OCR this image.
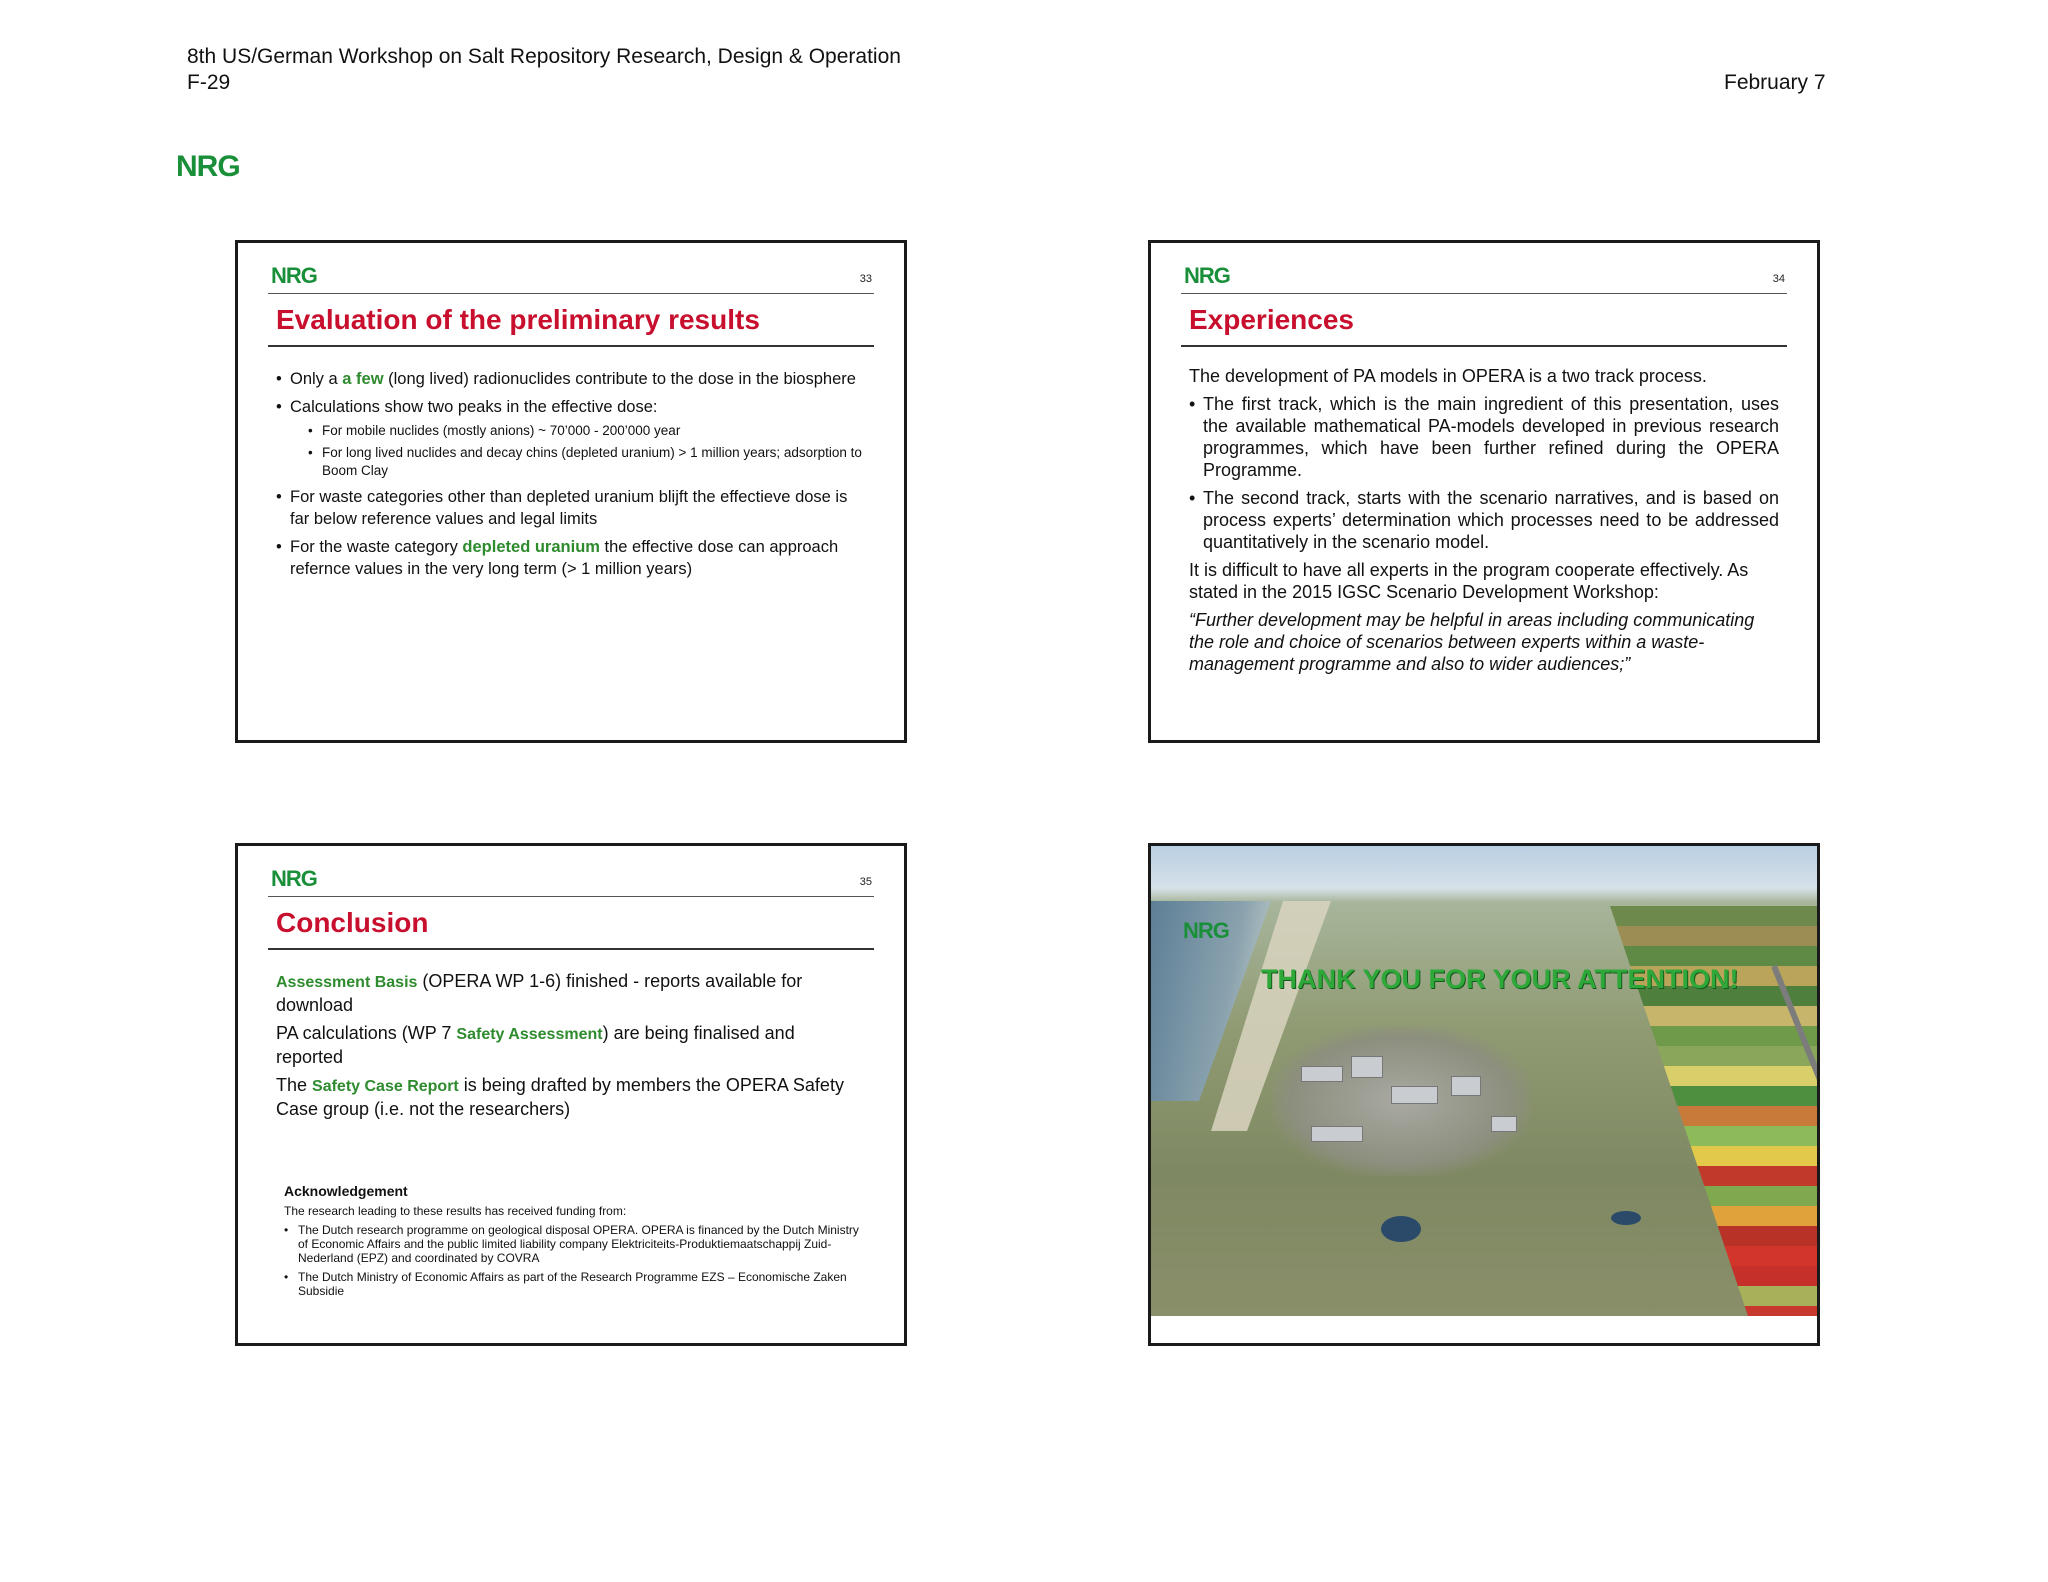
8th US/German Workshop on Salt Repository Research, Design & Operation
F-29	February 7
NRG
NRG	33
Evaluation of the preliminary results
• Only a a few (long lived) radionuclides contribute to the dose in the biosphere
• Calculations show two peaks in the effective dose:
• For mobile nuclides (mostly anions) ~ 70’000 - 200’000 year
• For long lived nuclides and decay chins (depleted uranium) > 1 million years; adsorption to Boom Clay
• For waste categories other than depleted uranium blijft the effectieve dose is far below reference values and legal limits
• For the waste category depleted uranium the effective dose can approach refernce values in the very long term (> 1 million years)
NRG	34
Experiences

The development of PA models in OPERA is a two track process.

• The first track, which is the main ingredient of this presentation, uses the available mathematical PA-models developed in previous research programmes, which have been further refined during the OPERA Programme.
• The second track, starts with the scenario narratives, and is based on process experts’ determination which processes need to be addressed quantitatively in the scenario model.

It is difficult to have all experts in the program cooperate effectively. As stated in the 2015 IGSC Scenario Development Workshop:

“Further development may be helpful in areas including communicating the role and choice of scenarios between experts within a waste-management programme and also to wider audiences;”

NRG	35
Conclusion

Assessment Basis (OPERA WP 1-6) finished - reports available for download

PA calculations (WP 7 Safety Assessment) are being finalised and reported

The Safety Case Report is being drafted by members the OPERA Safety Case group (i.e. not the researchers)

Acknowledgement

The research leading to these results has received funding from:

• The Dutch research programme on geological disposal OPERA. OPERA is financed by the Dutch Ministry of Economic Affairs and the public limited liability company Elektriciteits-Produktiemaatschappij Zuid-Nederland (EPZ) and coordinated by COVRA
• The Dutch Ministry of Economic Affairs as part of the Research Programme EZS – Economische Zaken Subsidie
NRG
THANK YOU FOR YOUR ATTENTION!
